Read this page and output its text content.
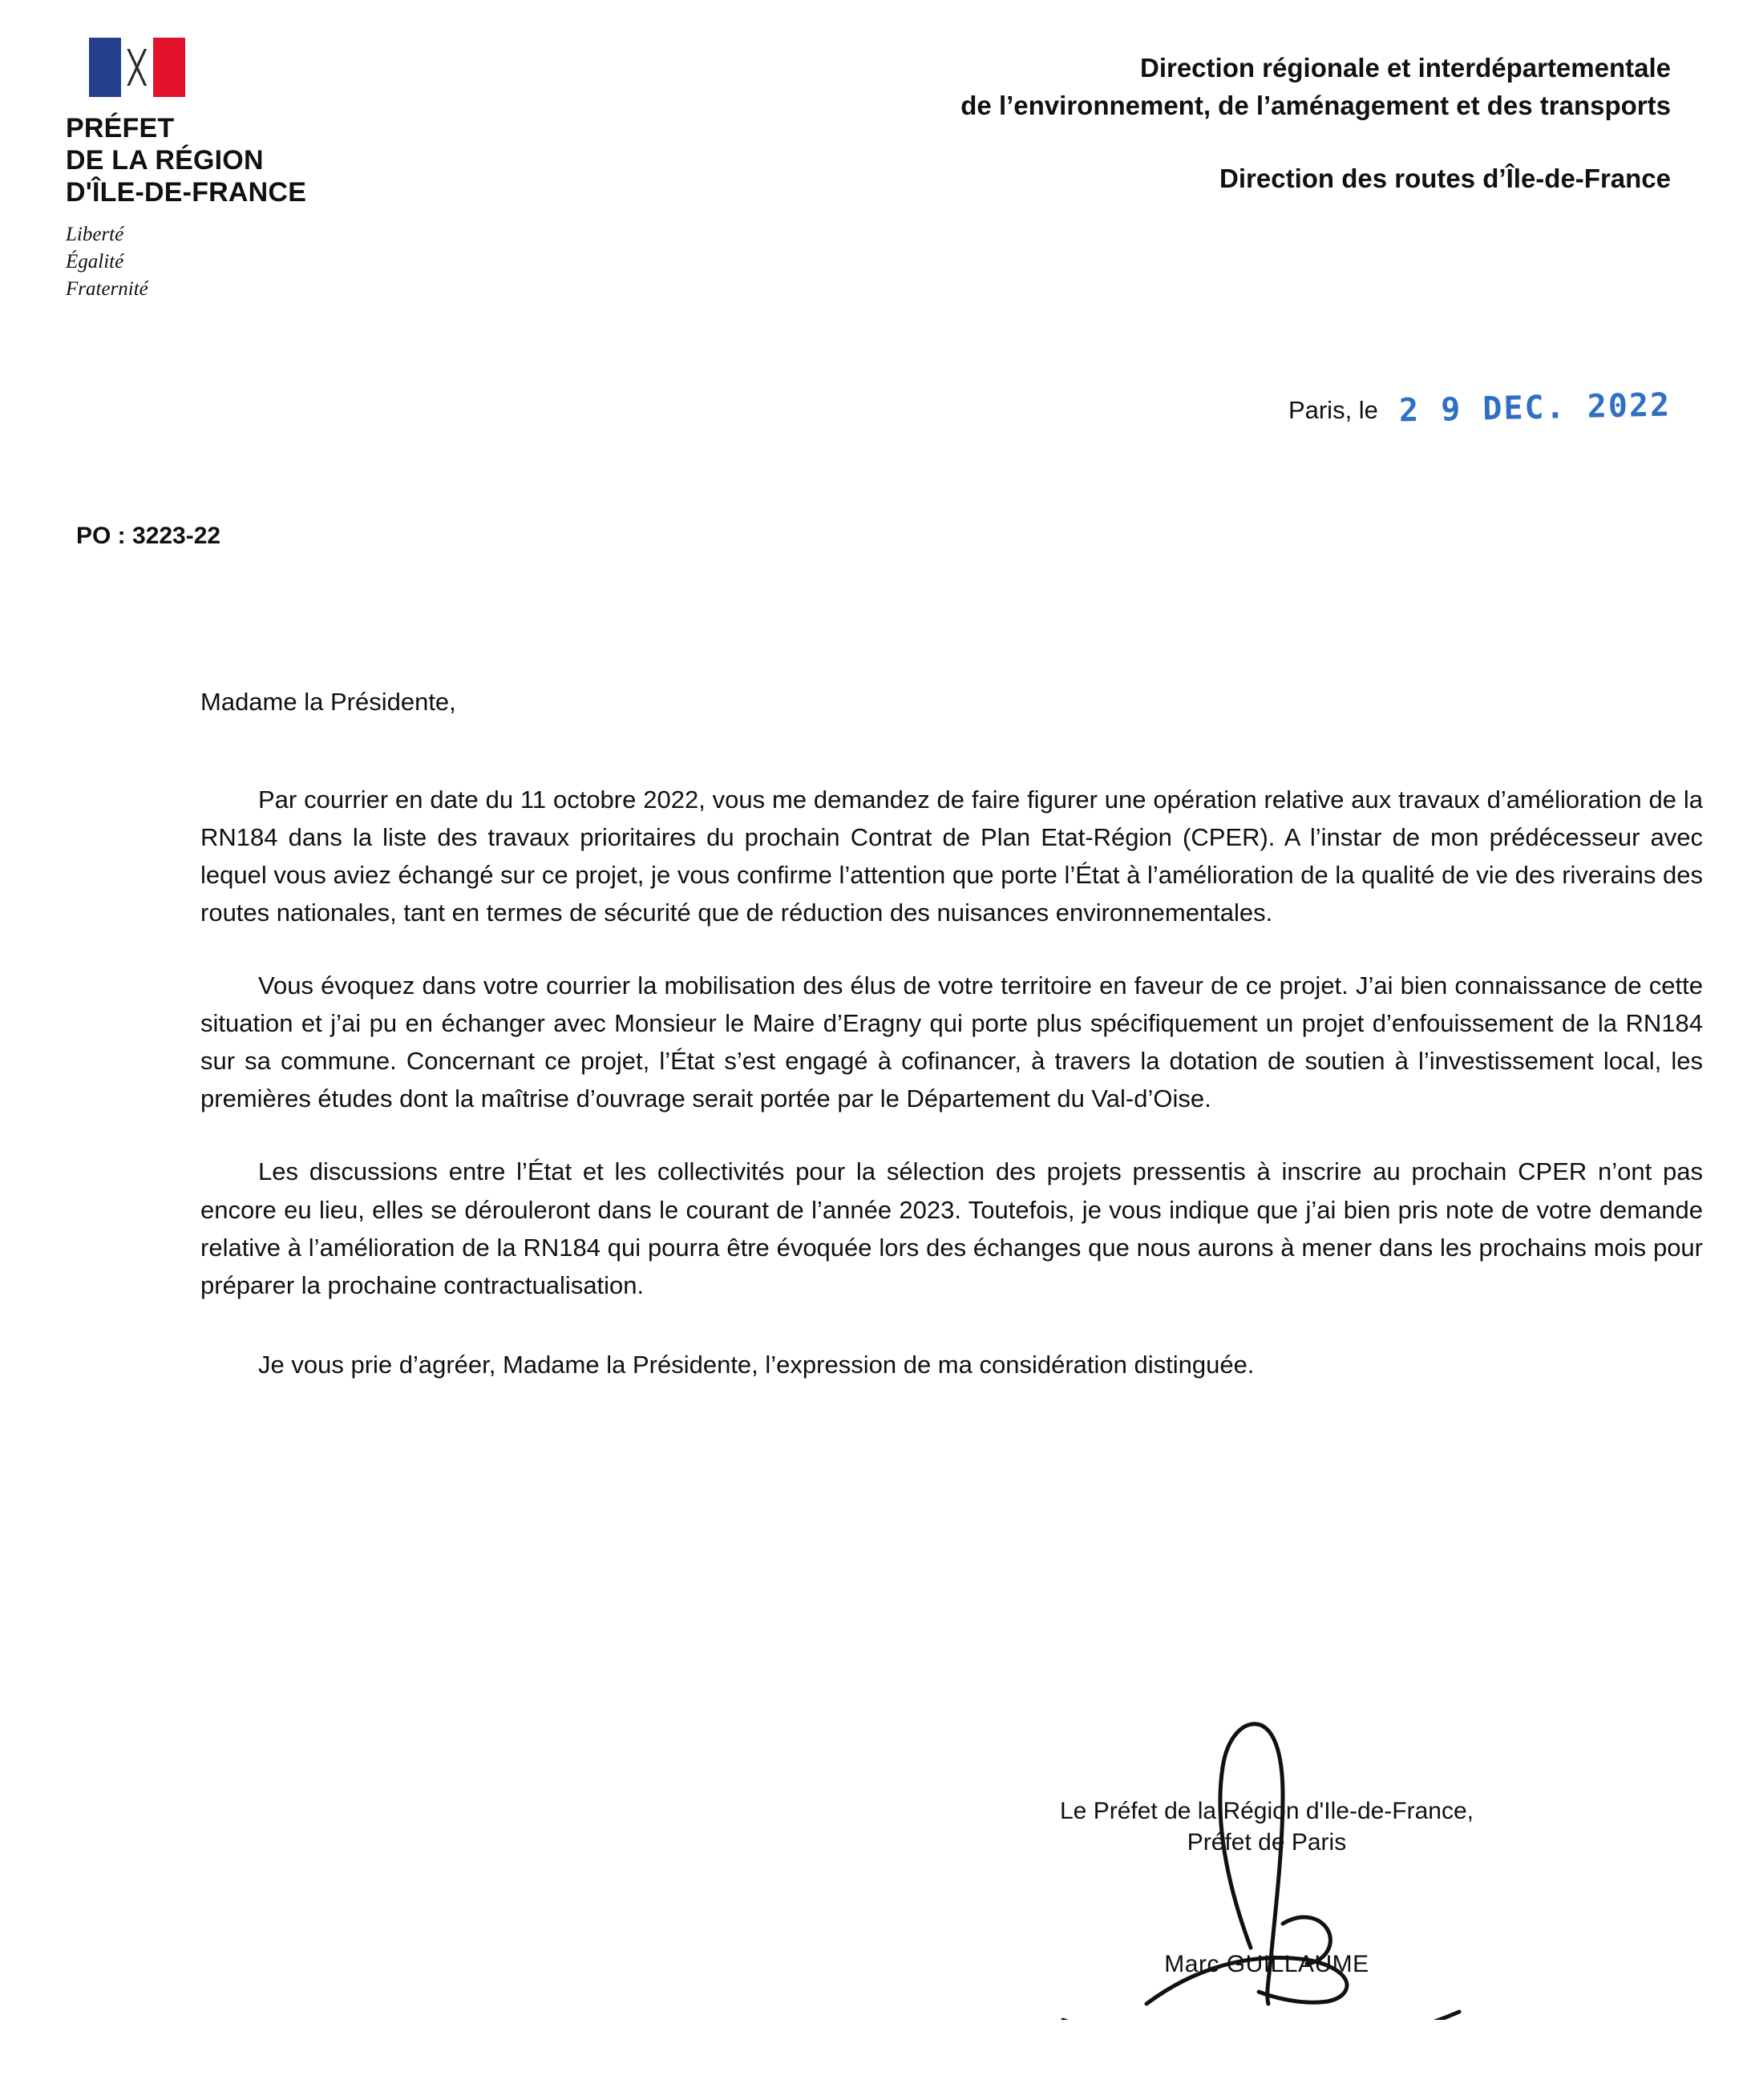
PRÉFET
DE LA RÉGION
D'ÎLE-DE-FRANCE
Liberté
Égalité
Fraternité
Direction régionale et interdépartementale
de l’environnement, de l’aménagement et des transports
Direction des routes d’Île-de-France
Paris, le 2 9 DEC. 2022
PO : 3223-22
Madame la Présidente,

Par courrier en date du 11 octobre 2022, vous me demandez de faire figurer une opération relative aux travaux d’amélioration de la RN184 dans la liste des travaux prioritaires du prochain Contrat de Plan Etat-Région (CPER). A l’instar de mon prédécesseur avec lequel vous aviez échangé sur ce projet, je vous confirme l’attention que porte l’État à l’amélioration de la qualité de vie des riverains des routes nationales, tant en termes de sécurité que de réduction des nuisances environnementales.

Vous évoquez dans votre courrier la mobilisation des élus de votre territoire en faveur de ce projet. J’ai bien connaissance de cette situation et j’ai pu en échanger avec Monsieur le Maire d’Eragny qui porte plus spécifiquement un projet d’enfouissement de la RN184 sur sa commune. Concernant ce projet, l’État s’est engagé à cofinancer, à travers la dotation de soutien à l’investissement local, les premières études dont la maîtrise d’ouvrage serait portée par le Département du Val-d’Oise.

Les discussions entre l’État et les collectivités pour la sélection des projets pressentis à inscrire au prochain CPER n’ont pas encore eu lieu, elles se dérouleront dans le courant de l’année 2023. Toutefois, je vous indique que j’ai bien pris note de votre demande relative à l’amélioration de la RN184 qui pourra être évoquée lors des échanges que nous aurons à mener dans les prochains mois pour préparer la prochaine contractualisation.

Je vous prie d’agréer, Madame la Présidente, l’expression de ma considération distinguée.

Le Préfet de la Région d'Ile-de-France,
Préfet de Paris
Marc GUILLAUME
